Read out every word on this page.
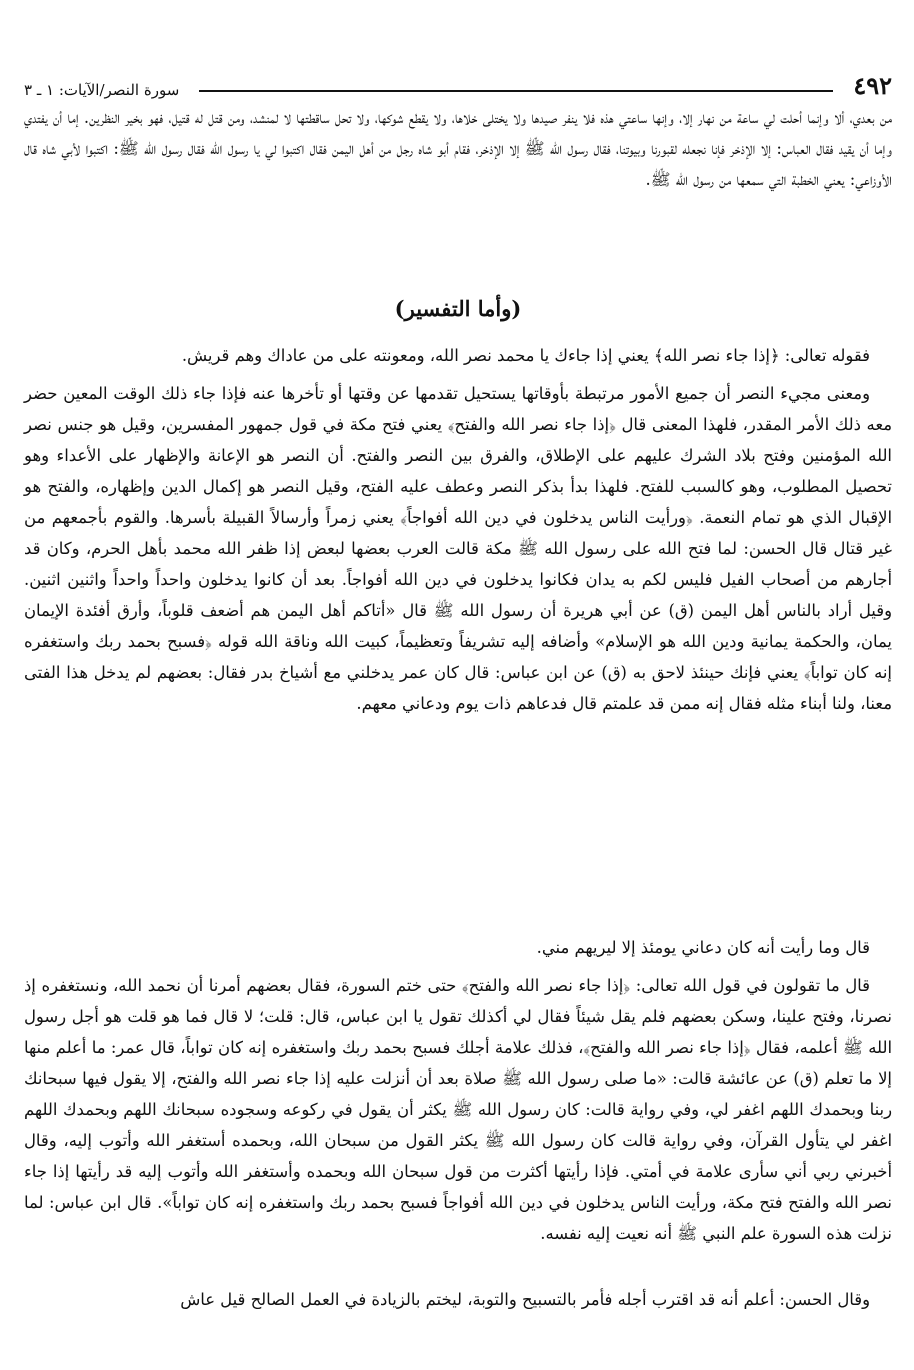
٤٩٢
سورة النصر/الآيات: ١ ـ ٣

من بعدي، ألا وإنما أحلت لي ساعة من نهار إلا، وإنها ساعتي هذه فلا ينفر صيدها ولا يختلى خلاها، ولا يقطع شوكها، ولا تحل ساقطتها لا لمنشد، ومن قتل له قتيل، فهو بخير النظرين. إما أن يفتدي وإما أن يقيد فقال العباس: إلا الإذخر فإنا نجعله لقبورنا وبيوتنا، فقال رسول الله ﷺ إلا الإذخر، فقام أبو شاه رجل من أهل اليمن فقال اكتبوا لي يا رسول الله فقال رسول الله ﷺ: اكتبوا لأبي شاه قال الأوزاعي: يعني الخطبة التي سمعها من رسول الله ﷺ.

(وأما التفسير)

فقوله تعالى: ﴿إذا جاء نصر الله﴾ يعني إذا جاءك يا محمد نصر الله، ومعونته على من عاداك وهم قريش.

ومعنى مجيء النصر أن جميع الأمور مرتبطة بأوقاتها يستحيل تقدمها عن وقتها أو تأخرها عنه فإذا جاء ذلك الوقت المعين حضر معه ذلك الأمر المقدر، فلهذا المعنى قال ﴿إذا جاء نصر الله والفتح﴾ يعني فتح مكة في قول جمهور المفسرين، وقيل هو جنس نصر الله المؤمنين وفتح بلاد الشرك عليهم على الإطلاق، والفرق بين النصر والفتح. أن النصر هو الإعانة والإظهار على الأعداء وهو تحصيل المطلوب، وهو كالسبب للفتح. فلهذا بدأ بذكر النصر وعطف عليه الفتح، وقيل النصر هو إكمال الدين وإظهاره، والفتح هو الإقبال الذي هو تمام النعمة. ﴿ورأيت الناس يدخلون في دين الله أفواجاً﴾ يعني زمراً وأرسالاً القبيلة بأسرها. والقوم بأجمعهم من غير قتال قال الحسن: لما فتح الله على رسول الله ﷺ مكة قالت العرب بعضها لبعض إذا ظفر الله محمد بأهل الحرم، وكان قد أجارهم من أصحاب الفيل فليس لكم به يدان فكانوا يدخلون في دين الله أفواجاً. بعد أن كانوا يدخلون واحداً واحداً واثنين اثنين. وقيل أراد بالناس أهل اليمن (ق) عن أبي هريرة أن رسول الله ﷺ قال «أتاكم أهل اليمن هم أضعف قلوباً، وأرق أفئدة الإيمان يمان، والحكمة يمانية ودين الله هو الإسلام» وأضافه إليه تشريفاً وتعظيماً، كبيت الله وناقة الله قوله ﴿فسبح بحمد ربك واستغفره إنه كان تواباً﴾ يعني فإنك حينئذ لاحق به (ق) عن ابن عباس: قال كان عمر يدخلني مع أشياخ بدر فقال: بعضهم لم يدخل هذا الفتى معنا، ولنا أبناء مثله فقال إنه ممن قد علمتم قال فدعاهم ذات يوم ودعاني معهم.

قال وما رأيت أنه كان دعاني يومئذ إلا ليريهم مني.

قال ما تقولون في قول الله تعالى: ﴿إذا جاء نصر الله والفتح﴾ حتى ختم السورة، فقال بعضهم أمرنا أن نحمد الله، ونستغفره إذ نصرنا، وفتح علينا، وسكن بعضهم فلم يقل شيئاً فقال لي أكذلك تقول يا ابن عباس، قال: قلت؛ لا قال فما هو قلت هو أجل رسول الله ﷺ أعلمه، فقال ﴿إذا جاء نصر الله والفتح﴾، فذلك علامة أجلك فسبح بحمد ربك واستغفره إنه كان تواباً، قال عمر: ما أعلم منها إلا ما تعلم (ق) عن عائشة قالت: «ما صلى رسول الله ﷺ صلاة بعد أن أنزلت عليه إذا جاء نصر الله والفتح، إلا يقول فيها سبحانك ربنا وبحمدك اللهم اغفر لي، وفي رواية قالت: كان رسول الله ﷺ يكثر أن يقول في ركوعه وسجوده سبحانك اللهم وبحمدك اللهم اغفر لي يتأول القرآن، وفي رواية قالت كان رسول الله ﷺ يكثر القول من سبحان الله، وبحمده أستغفر الله وأتوب إليه، وقال أخبرني ربي أني سأرى علامة في أمتي. فإذا رأيتها أكثرت من قول سبحان الله وبحمده وأستغفر الله وأتوب إليه قد رأيتها إذا جاء نصر الله والفتح فتح مكة، ورأيت الناس يدخلون في دين الله أفواجاً فسبح بحمد ربك واستغفره إنه كان تواباً». قال ابن عباس: لما نزلت هذه السورة علم النبي ﷺ أنه نعيت إليه نفسه.

وقال الحسن: أعلم أنه قد اقترب أجله فأمر بالتسبيح والتوبة، ليختم بالزيادة في العمل الصالح قيل عاش
